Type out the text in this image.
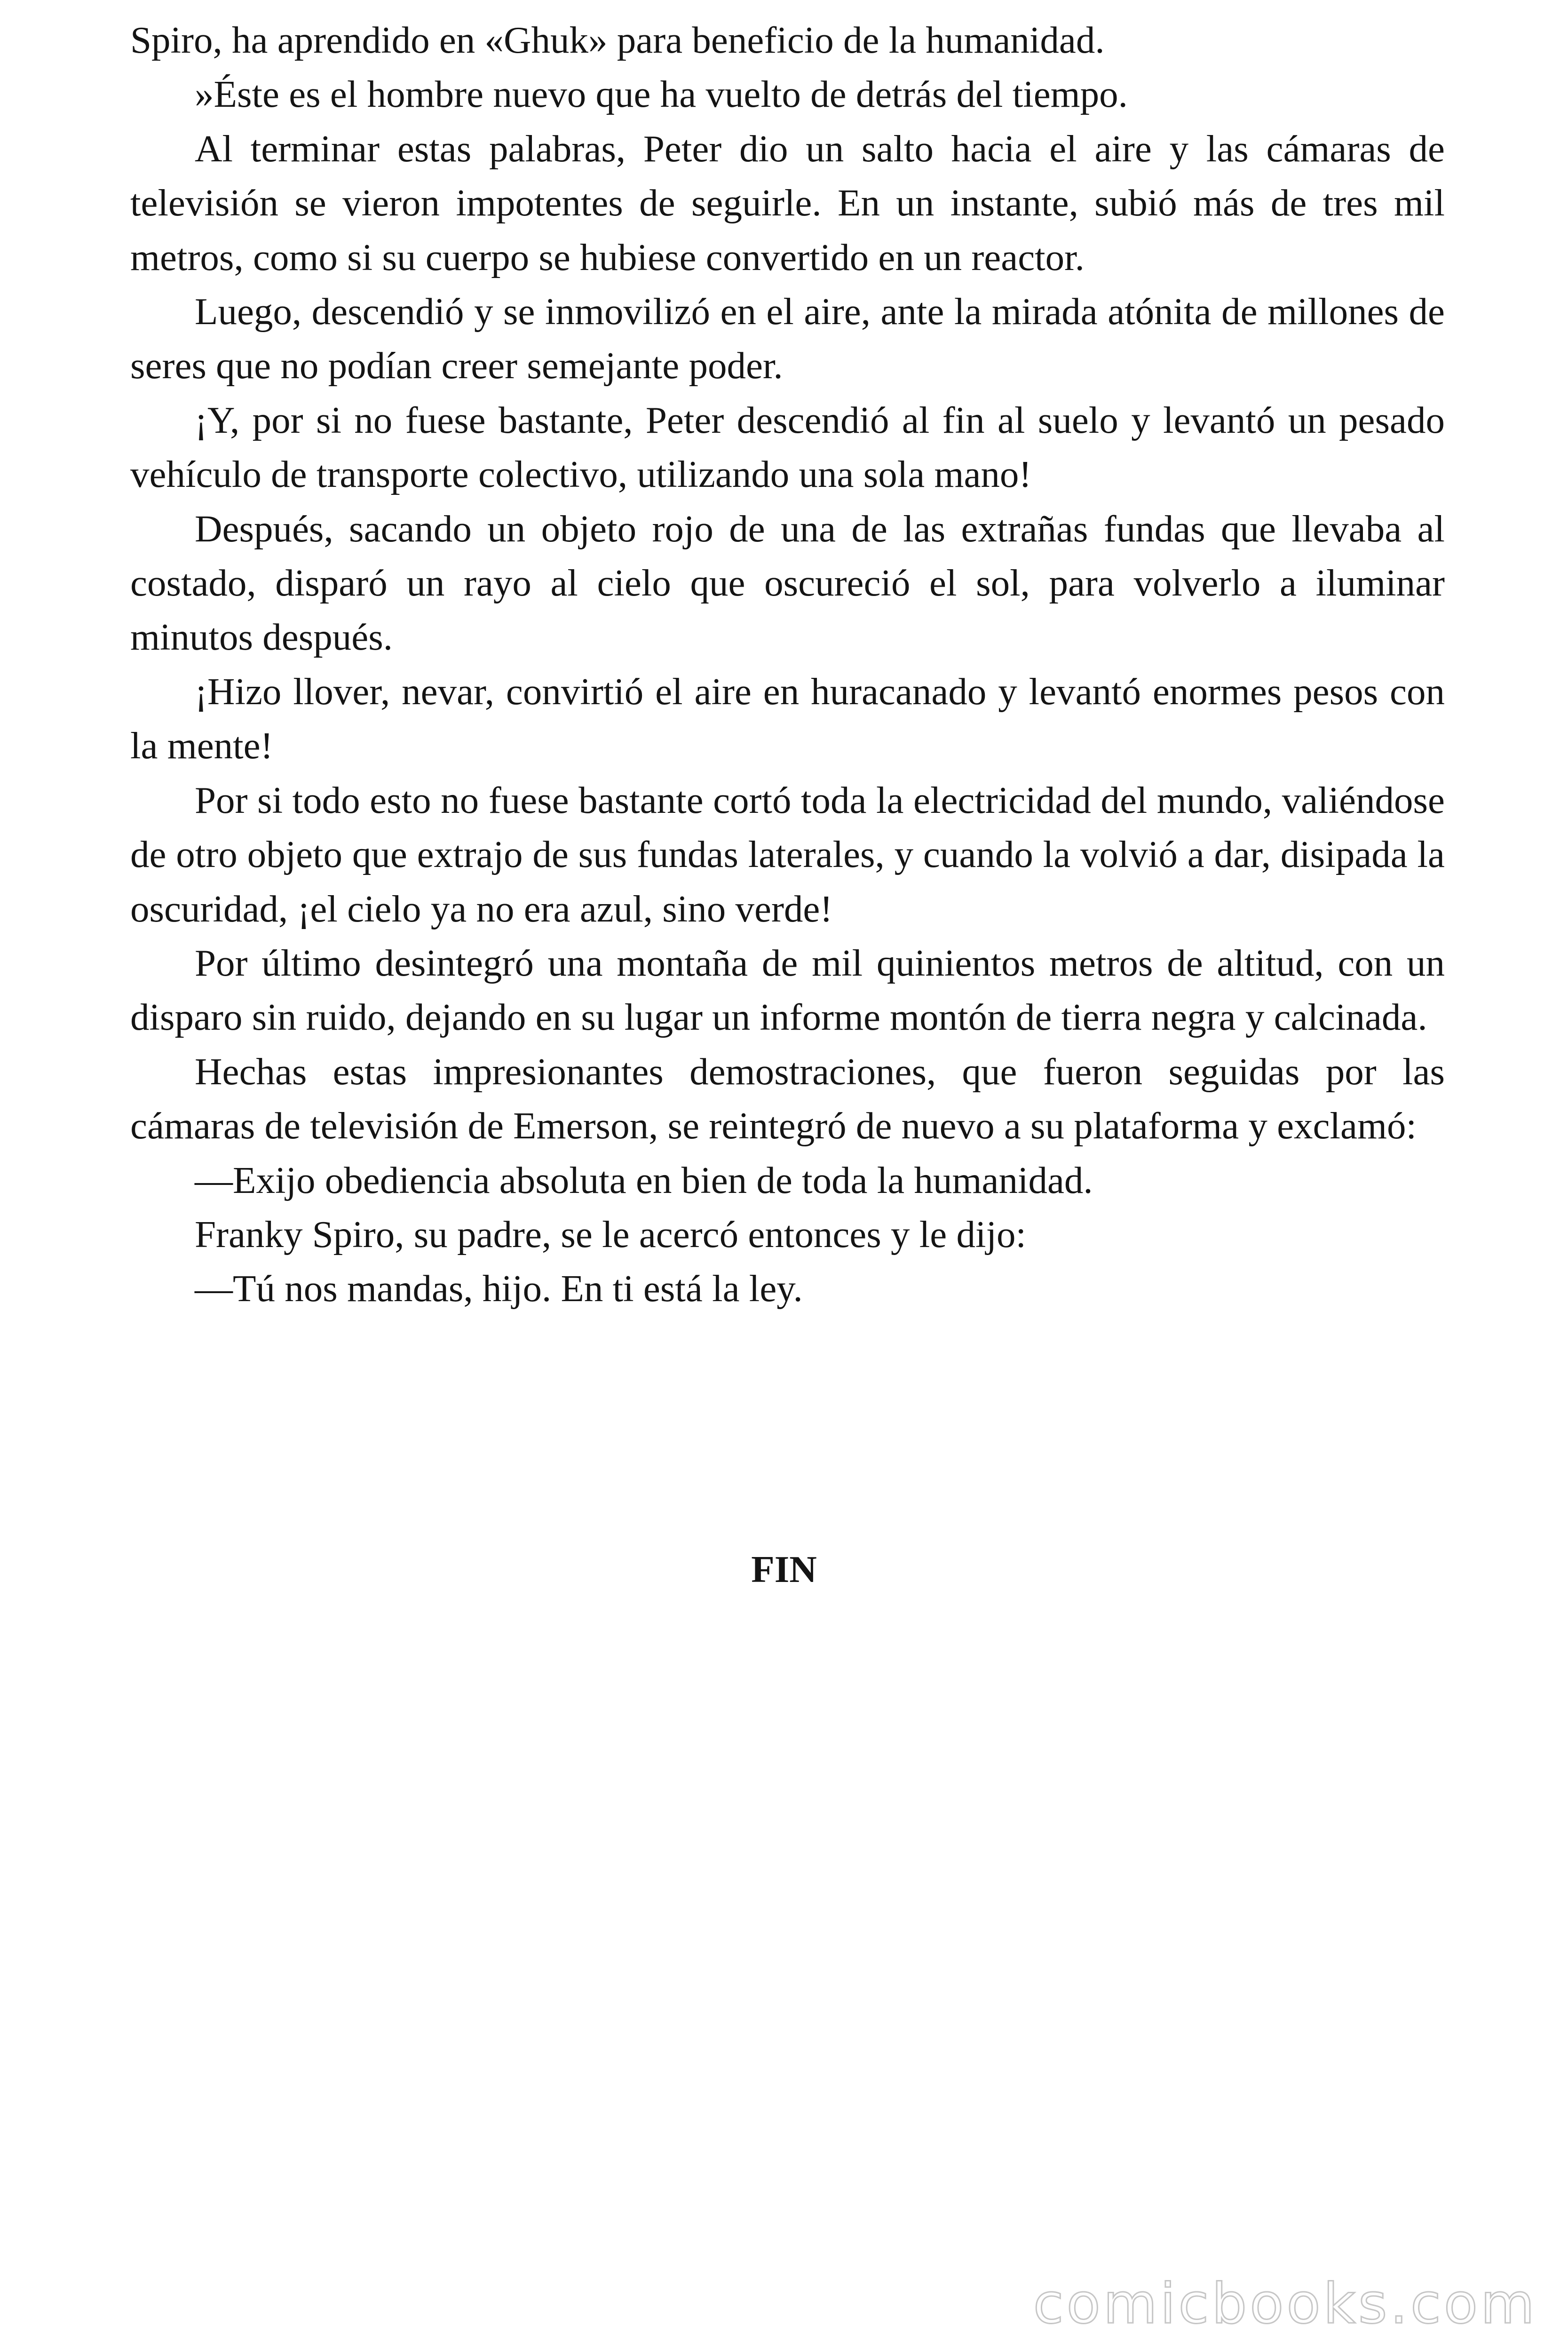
Spiro, ha aprendido en «Ghuk» para beneficio de la humanidad.

»Éste es el hombre nuevo que ha vuelto de detrás del tiempo.

Al terminar estas palabras, Peter dio un salto hacia el aire y las cámaras de televisión se vieron impotentes de seguirle. En un instante, subió más de tres mil metros, como si su cuerpo se hubiese convertido en un reactor.

Luego, descendió y se inmovilizó en el aire, ante la mirada atónita de millones de seres que no podían creer semejante poder.

¡Y, por si no fuese bastante, Peter descendió al fin al suelo y levantó un pesado vehículo de transporte colectivo, utilizando una sola mano!

Después, sacando un objeto rojo de una de las extrañas fundas que llevaba al costado, disparó un rayo al cielo que oscureció el sol, para volverlo a iluminar minutos después.

¡Hizo llover, nevar, convirtió el aire en huracanado y levantó enormes pesos con la mente!

Por si todo esto no fuese bastante cortó toda la electricidad del mundo, valiéndose de otro objeto que extrajo de sus fundas laterales, y cuando la volvió a dar, disipada la oscuridad, ¡el cielo ya no era azul, sino verde!

Por último desintegró una montaña de mil quinientos metros de altitud, con un disparo sin ruido, dejando en su lugar un informe montón de tierra negra y calcinada.

Hechas estas impresionantes demostraciones, que fueron seguidas por las cámaras de televisión de Emerson, se reintegró de nuevo a su plataforma y exclamó:

—Exijo obediencia absoluta en bien de toda la humanidad.

Franky Spiro, su padre, se le acercó entonces y le dijo:

—Tú nos mandas, hijo. En ti está la ley.

FIN
comicbooks.com
